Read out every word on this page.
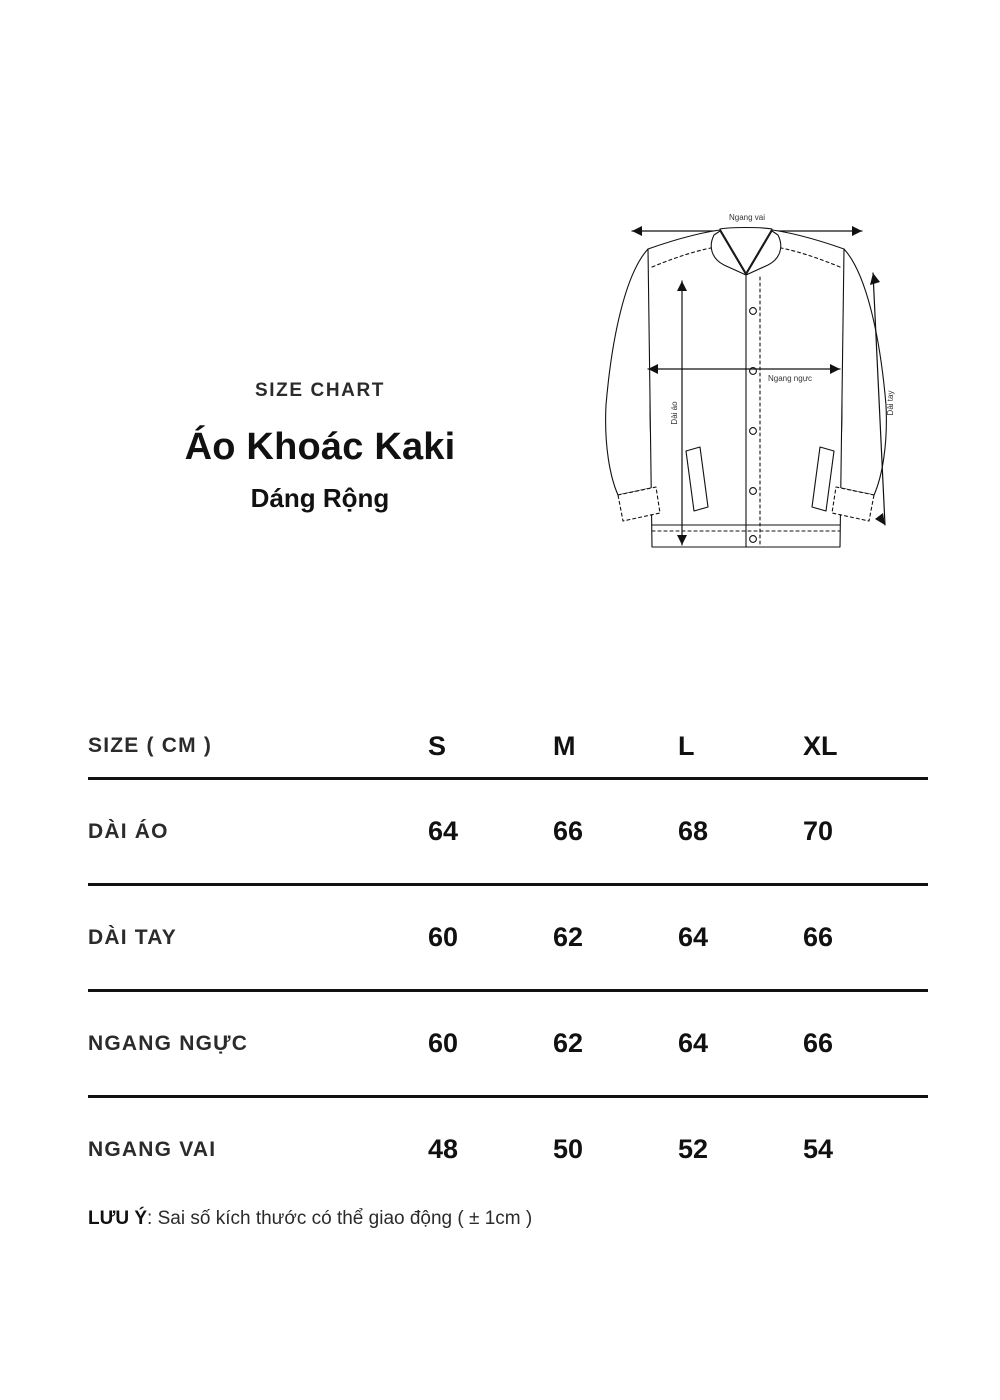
SIZE CHART

Áo Khoác Kaki

Dáng Rộng

Ngang vai
Ngang ngực
Dài áo	Dài tay
SIZE ( CM )	S	M	L	XL
DÀI ÁO	64	66	68	70
DÀI TAY	60	62	64	66
NGANG NGỰC	60	62	64	66
NGANG VAI	48	50	52	54
LƯU Ý: Sai số kích thước có thể giao động ( ± 1cm )
